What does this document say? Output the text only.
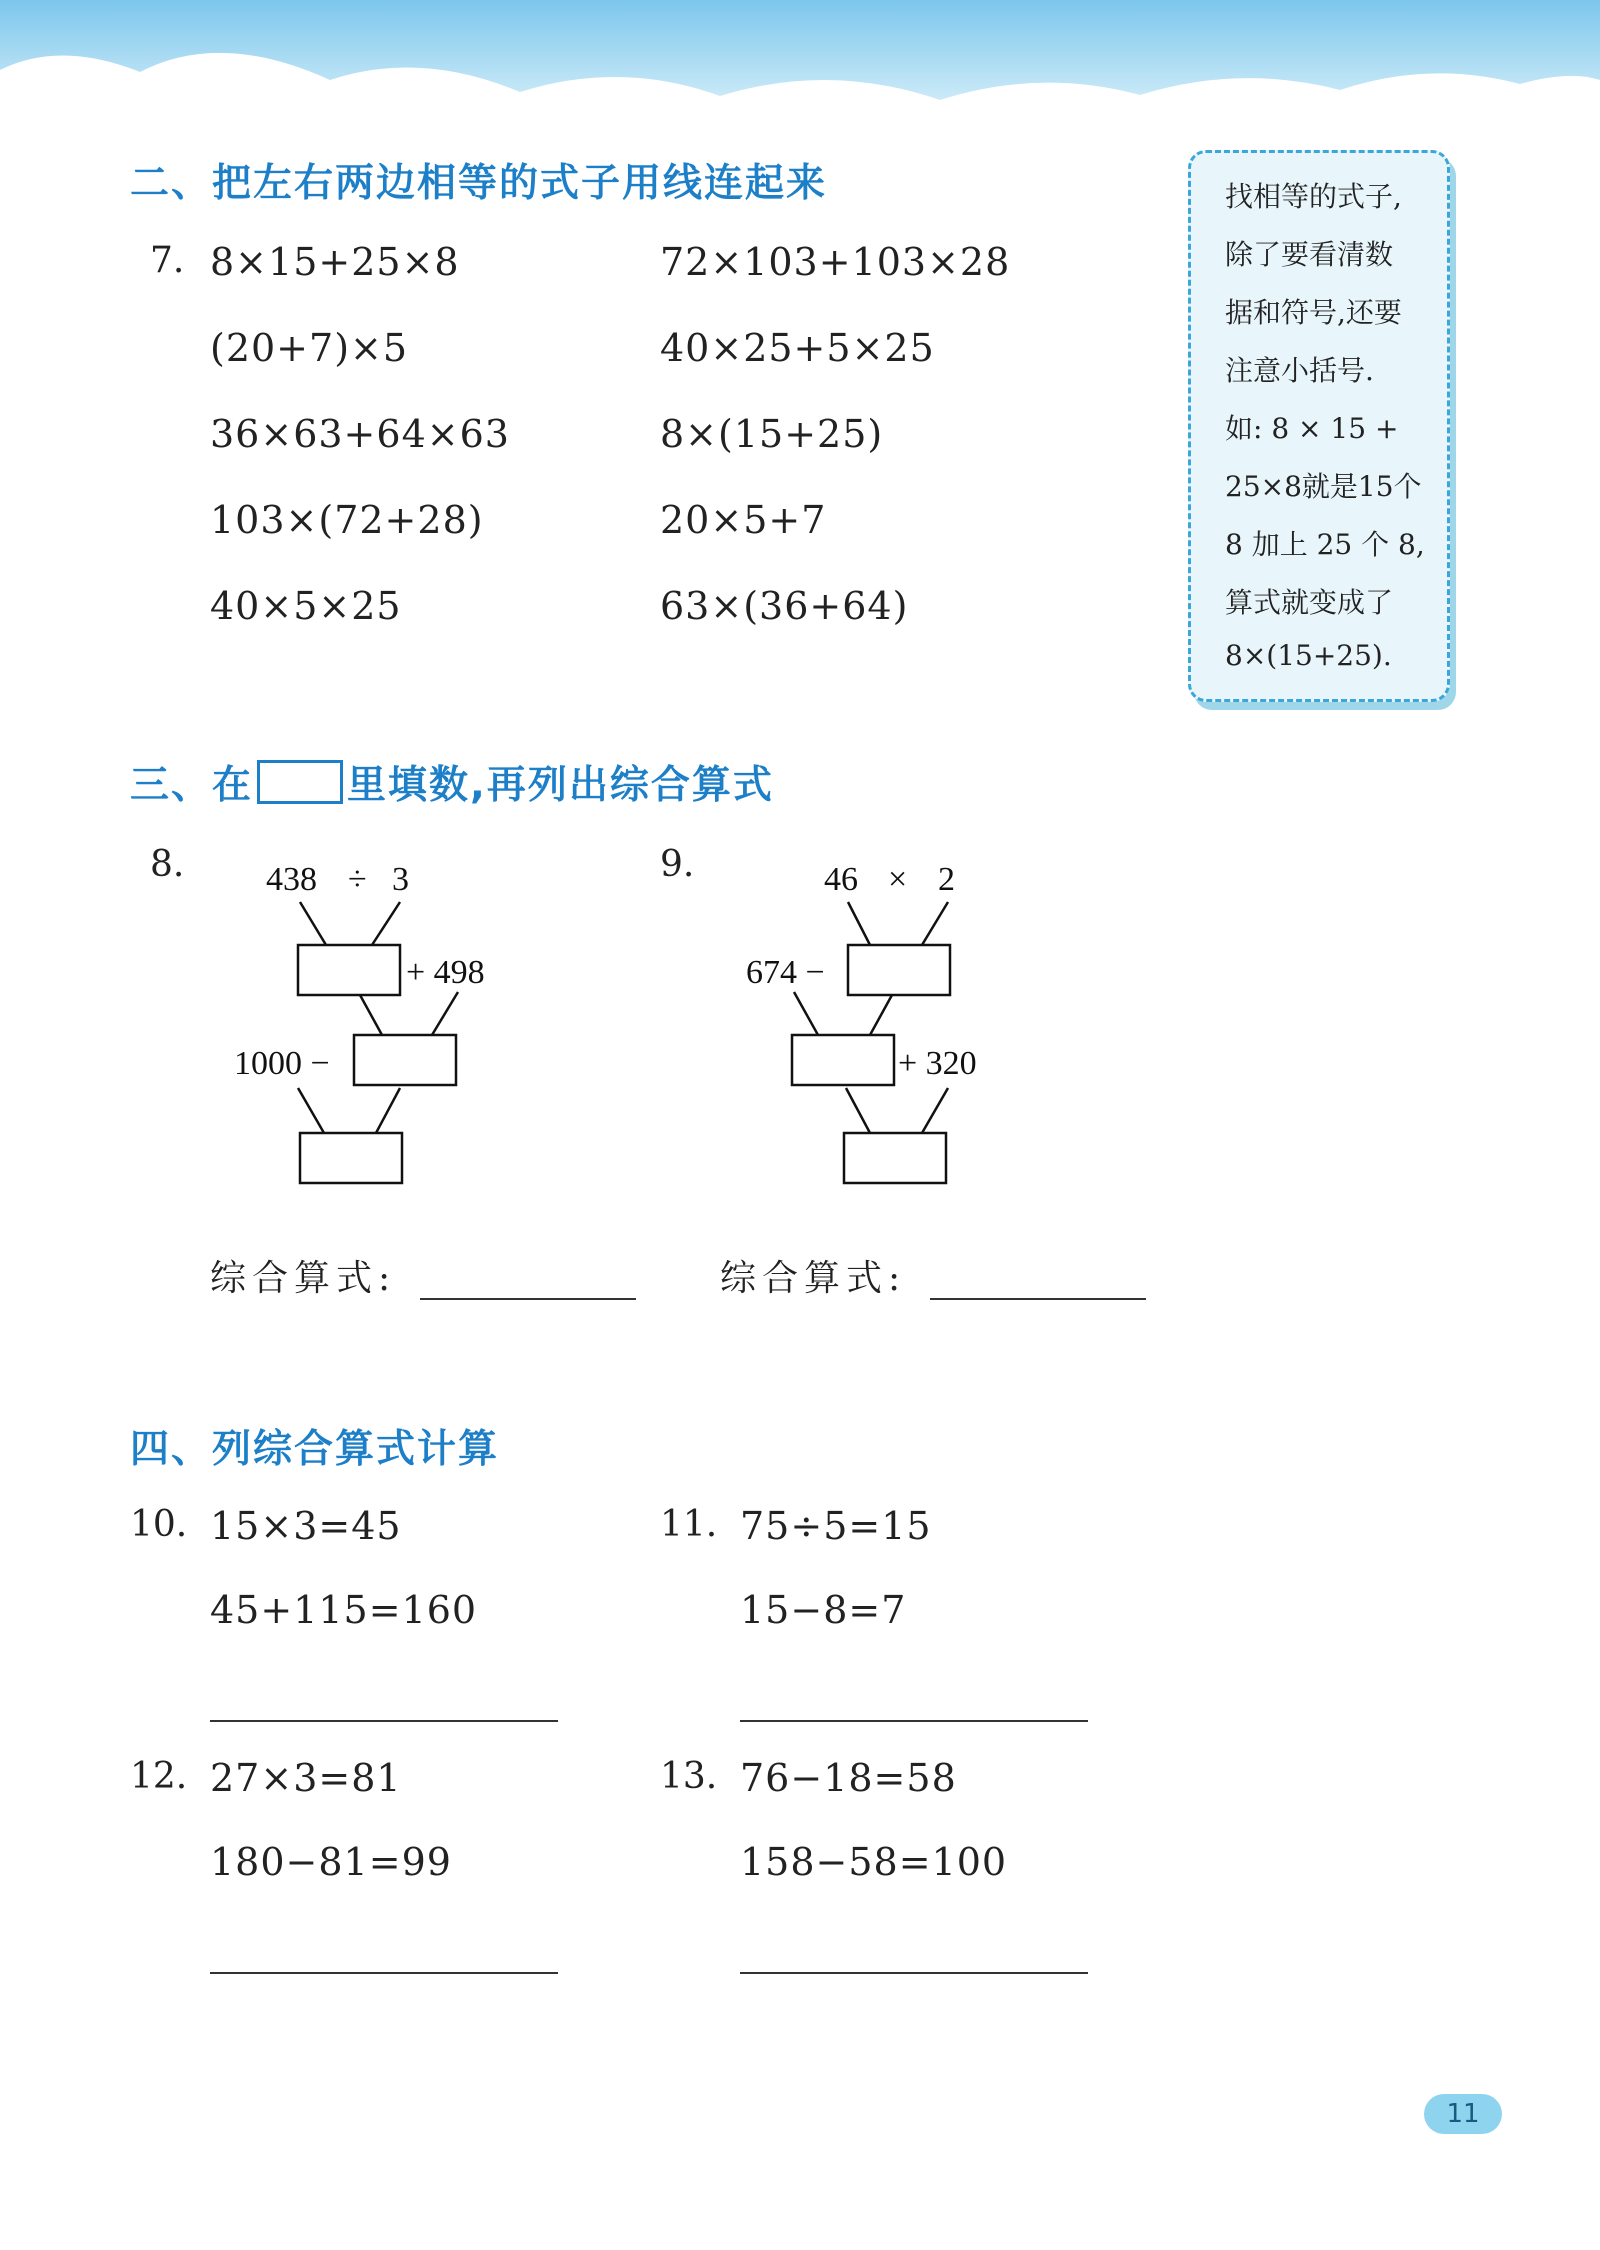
二、把左右两边相等的式子用线连起来
7. 8×15+25×8
(20+7)×5
36×63+64×63
103×(72+28)
40×5×25
72×103+103×28
40×25+5×25
8×(15+25)
20×5+7
63×(36+64)
找相等的式子,
除了要看清数
据和符号,还要
注意小括号.
如: 8 × 15 +
25×8就是15个
8 加上 25 个 8,
算式就变成了
8×(15+25).
三、在 里填数,再列出综合算式
8.	9.
438 ÷ 3
+ 498
1000 −
46 × 2
674 −
+ 320
综合算式:	综合算式:
四、列综合算式计算
10. 15×3=45
45+115=160
11. 75÷5=15
15−8=7
12. 27×3=81
180−81=99
13. 76−18=58
158−58=100
11
